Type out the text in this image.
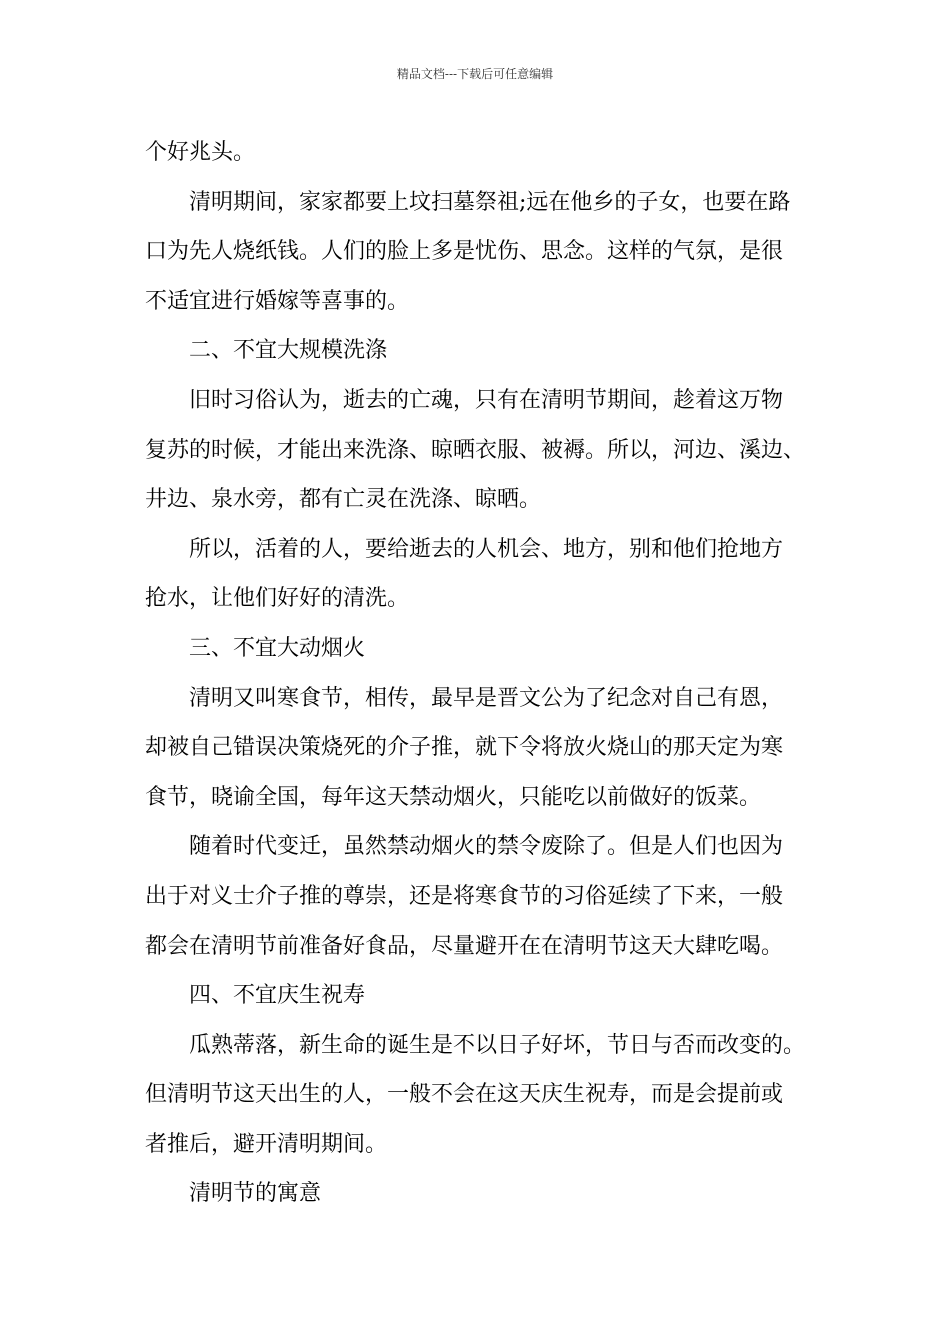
精品文档---下载后可任意编辑
个好兆头。
清明期间，家家都要上坟扫墓祭祖;远在他乡的子女，也要在路
口为先人烧纸钱。人们的脸上多是忧伤、思念。这样的气氛，是很
不适宜进行婚嫁等喜事的。
二、不宜大规模洗涤
旧时习俗认为，逝去的亡魂，只有在清明节期间，趁着这万物
复苏的时候，才能出来洗涤、晾晒衣服、被褥。所以，河边、溪边、
井边、泉水旁，都有亡灵在洗涤、晾晒。
所以，活着的人，要给逝去的人机会、地方，别和他们抢地方
抢水，让他们好好的清洗。
三、不宜大动烟火
清明又叫寒食节，相传，最早是晋文公为了纪念对自己有恩，
却被自己错误决策烧死的介子推，就下令将放火烧山的那天定为寒
食节，晓谕全国，每年这天禁动烟火，只能吃以前做好的饭菜。
随着时代变迁，虽然禁动烟火的禁令废除了。但是人们也因为
出于对义士介子推的尊崇，还是将寒食节的习俗延续了下来，一般
都会在清明节前准备好食品，尽量避开在在清明节这天大肆吃喝。
四、不宜庆生祝寿
瓜熟蒂落，新生命的诞生是不以日子好坏，节日与否而改变的。
但清明节这天出生的人，一般不会在这天庆生祝寿，而是会提前或
者推后，避开清明期间。
清明节的寓意
